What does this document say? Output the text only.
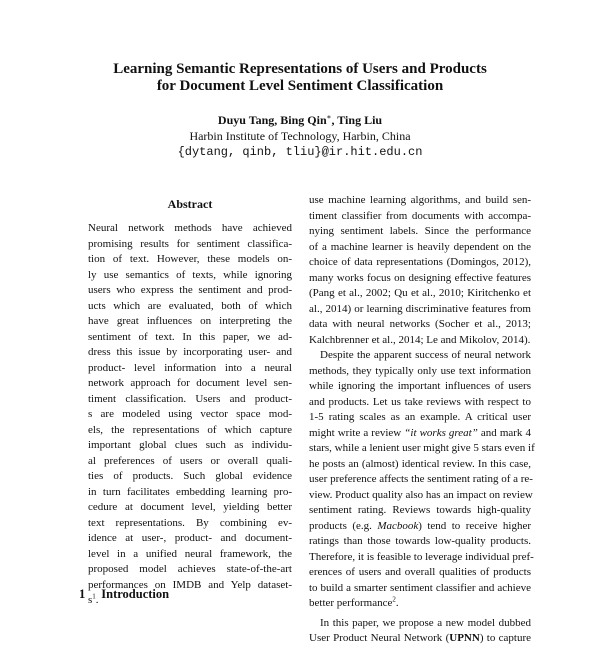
Learning Semantic Representations of Users and Products
for Document Level Sentiment Classification
Duyu Tang, Bing Qin∗, Ting Liu
Harbin Institute of Technology, Harbin, China
{dytang, qinb, tliu}@ir.hit.edu.cn
Abstract
Neural network methods have achieved
promising results for sentiment classifica-
tion of text. However, these models on-
ly use semantics of texts, while ignoring
users who express the sentiment and prod-
ucts which are evaluated, both of which
have great influences on interpreting the
sentiment of text. In this paper, we ad-
dress this issue by incorporating user- and
product- level information into a neural
network approach for document level sen-
timent classification. Users and product-
s are modeled using vector space mod-
els, the representations of which capture
important global clues such as individu-
al preferences of users or overall quali-
ties of products. Such global evidence
in turn facilitates embedding learning pro-
cedure at document level, yielding better
text representations. By combining ev-
idence at user-, product- and document-
level in a unified neural framework, the
proposed model achieves state-of-the-art
performances on IMDB and Yelp dataset-
$s^1$.
1 Introduction
use machine learning algorithms, and build sen-
timent classifier from documents with accompa-
nying sentiment labels. Since the performance
of a machine learner is heavily dependent on the
choice of data representations (Domingos, 2012),
many works focus on designing effective features
(Pang et al., 2002; Qu et al., 2010; Kiritchenko et
al., 2014) or learning discriminative features from
data with neural networks (Socher et al., 2013;
Kalchbrenner et al., 2014; Le and Mikolov, 2014).
Despite the apparent success of neural network
methods, they typically only use text information
while ignoring the important influences of users
and products. Let us take reviews with respect to
1-5 rating scales as an example. A critical user
might write a review “it works great” and mark 4
stars, while a lenient user might give 5 stars even if
he posts an (almost) identical review. In this case,
user preference affects the sentiment rating of a re-
view. Product quality also has an impact on review
sentiment rating. Reviews towards high-quality
products (e.g. Macbook) tend to receive higher
ratings than those towards low-quality products.
Therefore, it is feasible to leverage individual pref-
erences of users and overall qualities of products
to build a smarter sentiment classifier and achieve
better performance$^2$.
In this paper, we propose a new model dubbed
User Product Neural Network (UPNN) to capture
